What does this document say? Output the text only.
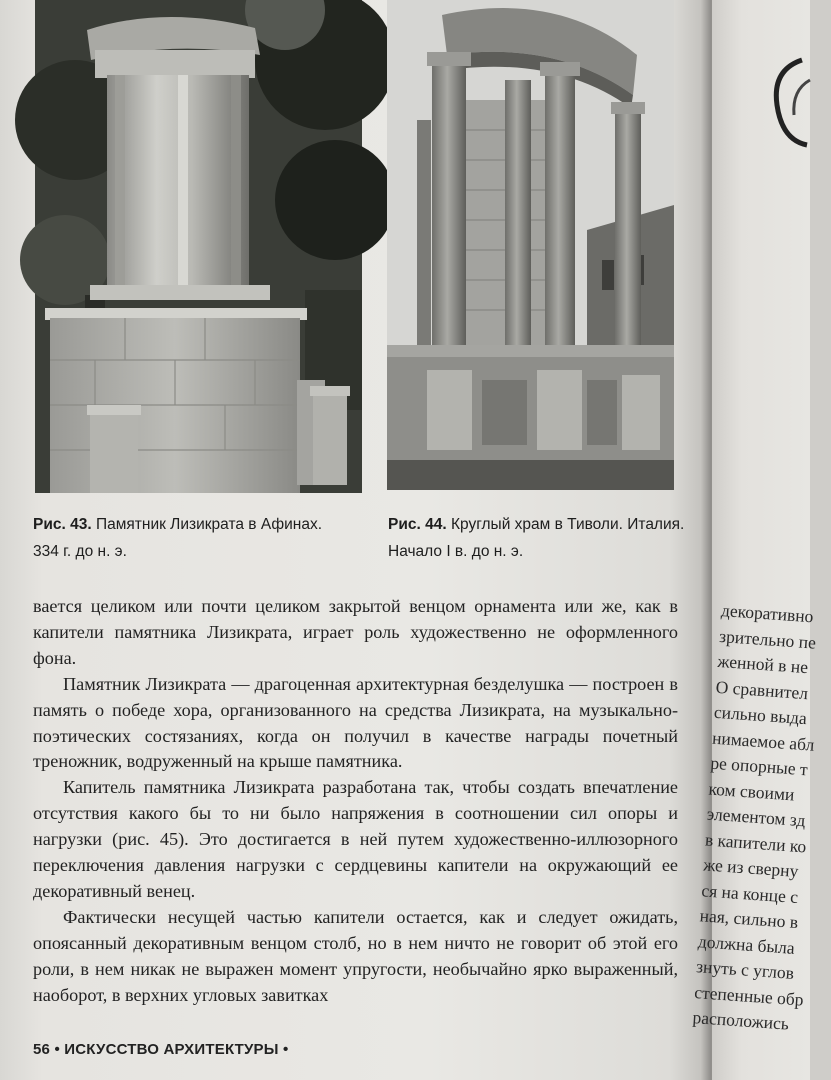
Рис. 43. Памятник Лизикрата в Афинах.
334 г. до н. э.
Рис. 44. Круглый храм в Тиволи. Италия.
Начало I в. до н. э.

вается целиком или почти целиком закрытой венцом орнамента или же, как в капители памятника Лизикрата, играет роль художественно не оформленного фона.

Памятник Лизикрата — драгоценная архитектурная безделушка — построен в память о победе хора, организованного на средства Лизикрата, на музыкально-поэтических состязаниях, когда он получил в качестве награды почетный треножник, водруженный на крыше памятника.

Капитель памятника Лизикрата разработана так, чтобы создать впечатление отсутствия какого бы то ни было напряжения в соотношении сил опоры и нагрузки (рис. 45). Это достигается в ней путем художественно-иллюзорного переключения давления нагрузки с сердцевины капители на окружающий ее декоративный венец.

Фактически несущей частью капители остается, как и следует ожидать, опоясанный декоративным венцом столб, но в нем ничто не говорит об этой его роли, в нем никак не выражен момент упругости, необычайно ярко выраженный, наоборот, в верхних угловых завитках

56 • ИСКУССТВО АРХИТЕКТУРЫ •
декоративно
зрительно пе
женной в не
О сравнител
сильно выда
нимаемое абл
ре опорные т
ком своими
элементом зд
в капители ко
же из свернy
ся на конце с
ная, сильно в
должна была
знуть с углов
степенные обр
расположись
